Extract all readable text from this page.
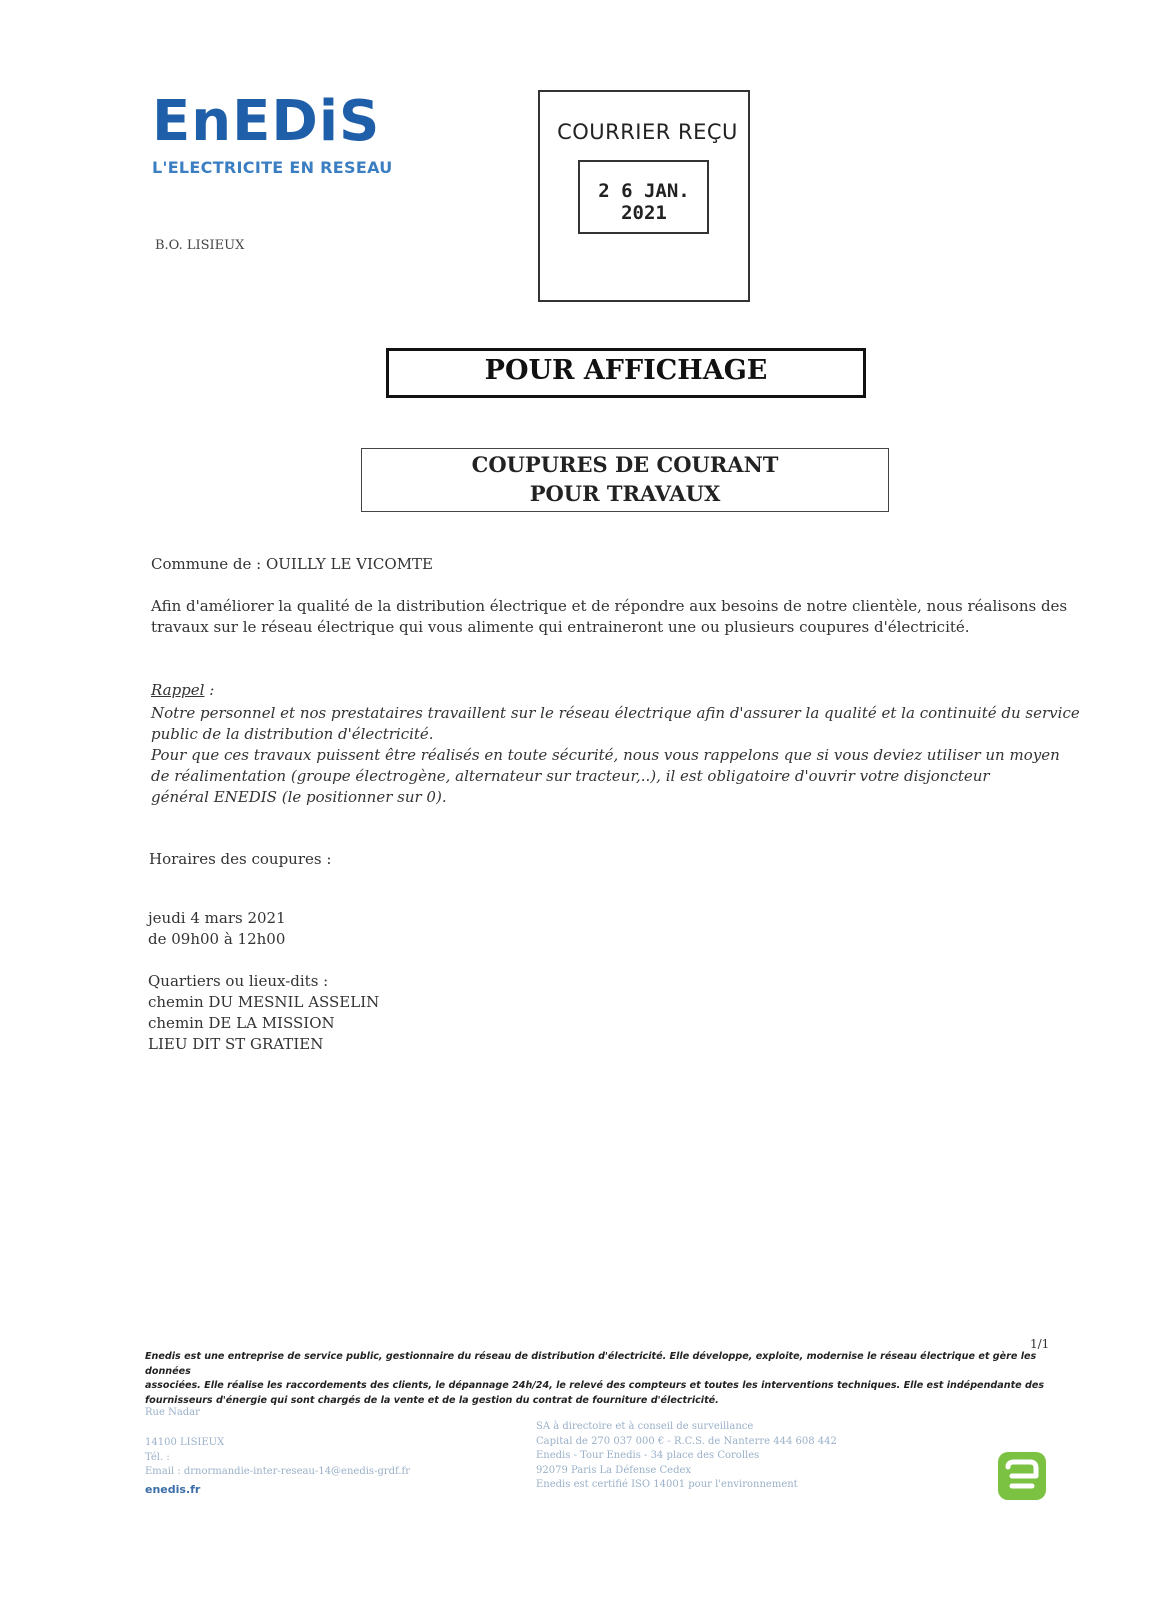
EnEDiS
L'ELECTRICITE EN RESEAU
B.O. LISIEUX
COURRIER REÇU
2 6 JAN. 2021
POUR AFFICHAGE
COUPURES DE COURANT
POUR TRAVAUX
Commune de : OUILLY LE VICOMTE
Afin d'améliorer la qualité de la distribution électrique et de répondre aux besoins de notre clientèle, nous réalisons des
travaux sur le réseau électrique qui vous alimente qui entraineront une ou plusieurs coupures d'électricité.
Rappel :
Notre personnel et nos prestataires travaillent sur le réseau électrique afin d'assurer la qualité et la continuité du service
public de la distribution d'électricité.
Pour que ces travaux puissent être réalisés en toute sécurité, nous vous rappelons que si vous deviez utiliser un moyen
de réalimentation (groupe électrogène, alternateur sur tracteur,..), il est obligatoire d'ouvrir votre disjoncteur
général ENEDIS (le positionner sur 0).
Horaires des coupures :
jeudi 4 mars 2021
de 09h00 à 12h00
Quartiers ou lieux-dits :
chemin DU MESNIL ASSELIN
chemin DE LA MISSION
LIEU DIT ST GRATIEN
1/1
Enedis est une entreprise de service public, gestionnaire du réseau de distribution d'électricité. Elle développe, exploite, modernise le réseau électrique et gère les données
associées. Elle réalise les raccordements des clients, le dépannage 24h/24, le relevé des compteurs et toutes les interventions techniques. Elle est indépendante des
fournisseurs d'énergie qui sont chargés de la vente et de la gestion du contrat de fourniture d'électricité.
Rue Nadar
14100 LISIEUX
Tél. :
Email : drnormandie-inter-reseau-14@enedis-grdf.fr
enedis.fr
SA à directoire et à conseil de surveillance
Capital de 270 037 000 € - R.C.S. de Nanterre 444 608 442
Enedis - Tour Enedis - 34 place des Corolles
92079 Paris La Défense Cedex
Enedis est certifié ISO 14001 pour l'environnement
